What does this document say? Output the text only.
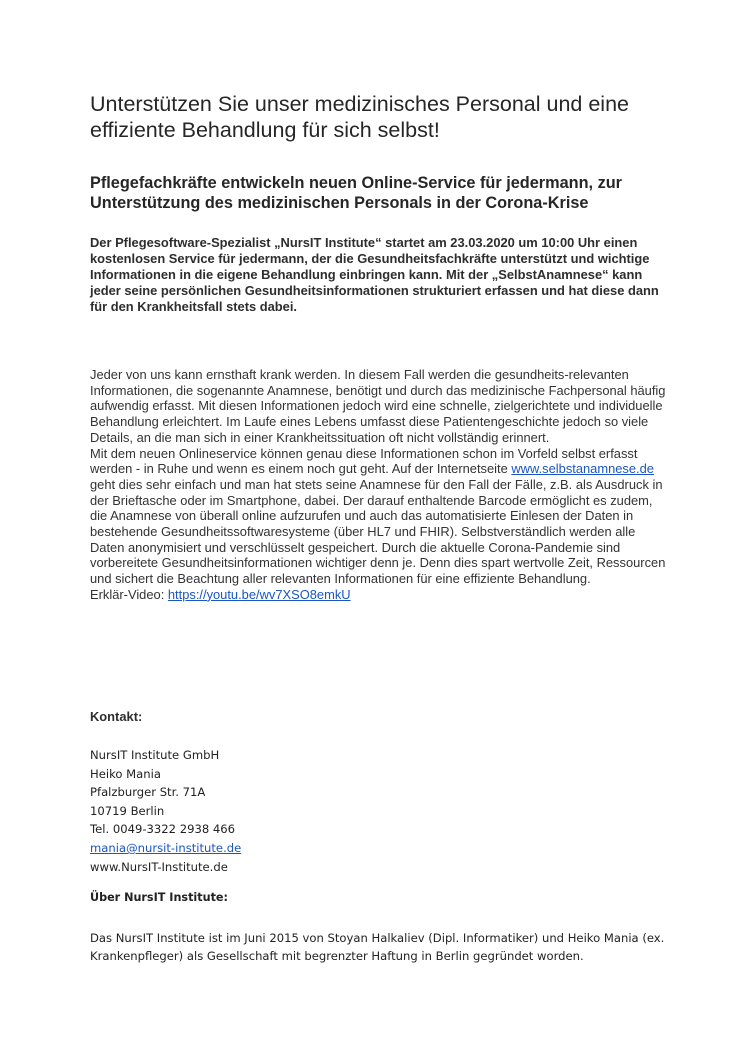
Unterstützen Sie unser medizinisches Personal und eine effiziente Behandlung für sich selbst!
Pflegefachkräfte entwickeln neuen Online-Service für jedermann, zur Unterstützung des medizinischen Personals in der Corona-Krise

Der Pflegesoftware-Spezialist „NursIT Institute“ startet am 23.03.2020 um 10:00 Uhr einen kostenlosen Service für jedermann, der die Gesundheitsfachkräfte unterstützt und wichtige Informationen in die eigene Behandlung einbringen kann. Mit der „SelbstAnamnese“ kann jeder seine persönlichen Gesundheitsinformationen strukturiert erfassen und hat diese dann für den Krankheitsfall stets dabei.

Jeder von uns kann ernsthaft krank werden. In diesem Fall werden die gesundheits-relevanten Informationen, die sogenannte Anamnese, benötigt und durch das medizinische Fachpersonal häufig aufwendig erfasst. Mit diesen Informationen jedoch wird eine schnelle, zielgerichtete und individuelle Behandlung erleichtert. Im Laufe eines Lebens umfasst diese Patientengeschichte jedoch so viele Details, an die man sich in einer Krankheitssituation oft nicht vollständig erinnert.
Mit dem neuen Onlineservice können genau diese Informationen schon im Vorfeld selbst erfasst werden - in Ruhe und wenn es einem noch gut geht. Auf der Internetseite www.selbstanamnese.de geht dies sehr einfach und man hat stets seine Anamnese für den Fall der Fälle, z.B. als Ausdruck in der Brieftasche oder im Smartphone, dabei. Der darauf enthaltende Barcode ermöglicht es zudem, die Anamnese von überall online aufzurufen und auch das automatisierte Einlesen der Daten in bestehende Gesundheitssoftwaresysteme (über HL7 und FHIR). Selbstverständlich werden alle Daten anonymisiert und verschlüsselt gespeichert. Durch die aktuelle Corona-Pandemie sind vorbereitete Gesundheitsinformationen wichtiger denn je. Denn dies spart wertvolle Zeit, Ressourcen und sichert die Beachtung aller relevanten Informationen für eine effiziente Behandlung.
Erklär-Video: https://youtu.be/wv7XSO8emkU

Kontakt:

NursIT Institute GmbH
Heiko Mania
Pfalzburger Str. 71A
10719 Berlin
Tel. 0049-3322 2938 466
mania@nursit-institute.de
www.NursIT-Institute.de

Über NursIT Institute:

Das NursIT Institute ist im Juni 2015 von Stoyan Halkaliev (Dipl. Informatiker) und Heiko Mania (ex. Krankenpfleger) als Gesellschaft mit begrenzter Haftung in Berlin gegründet worden.
